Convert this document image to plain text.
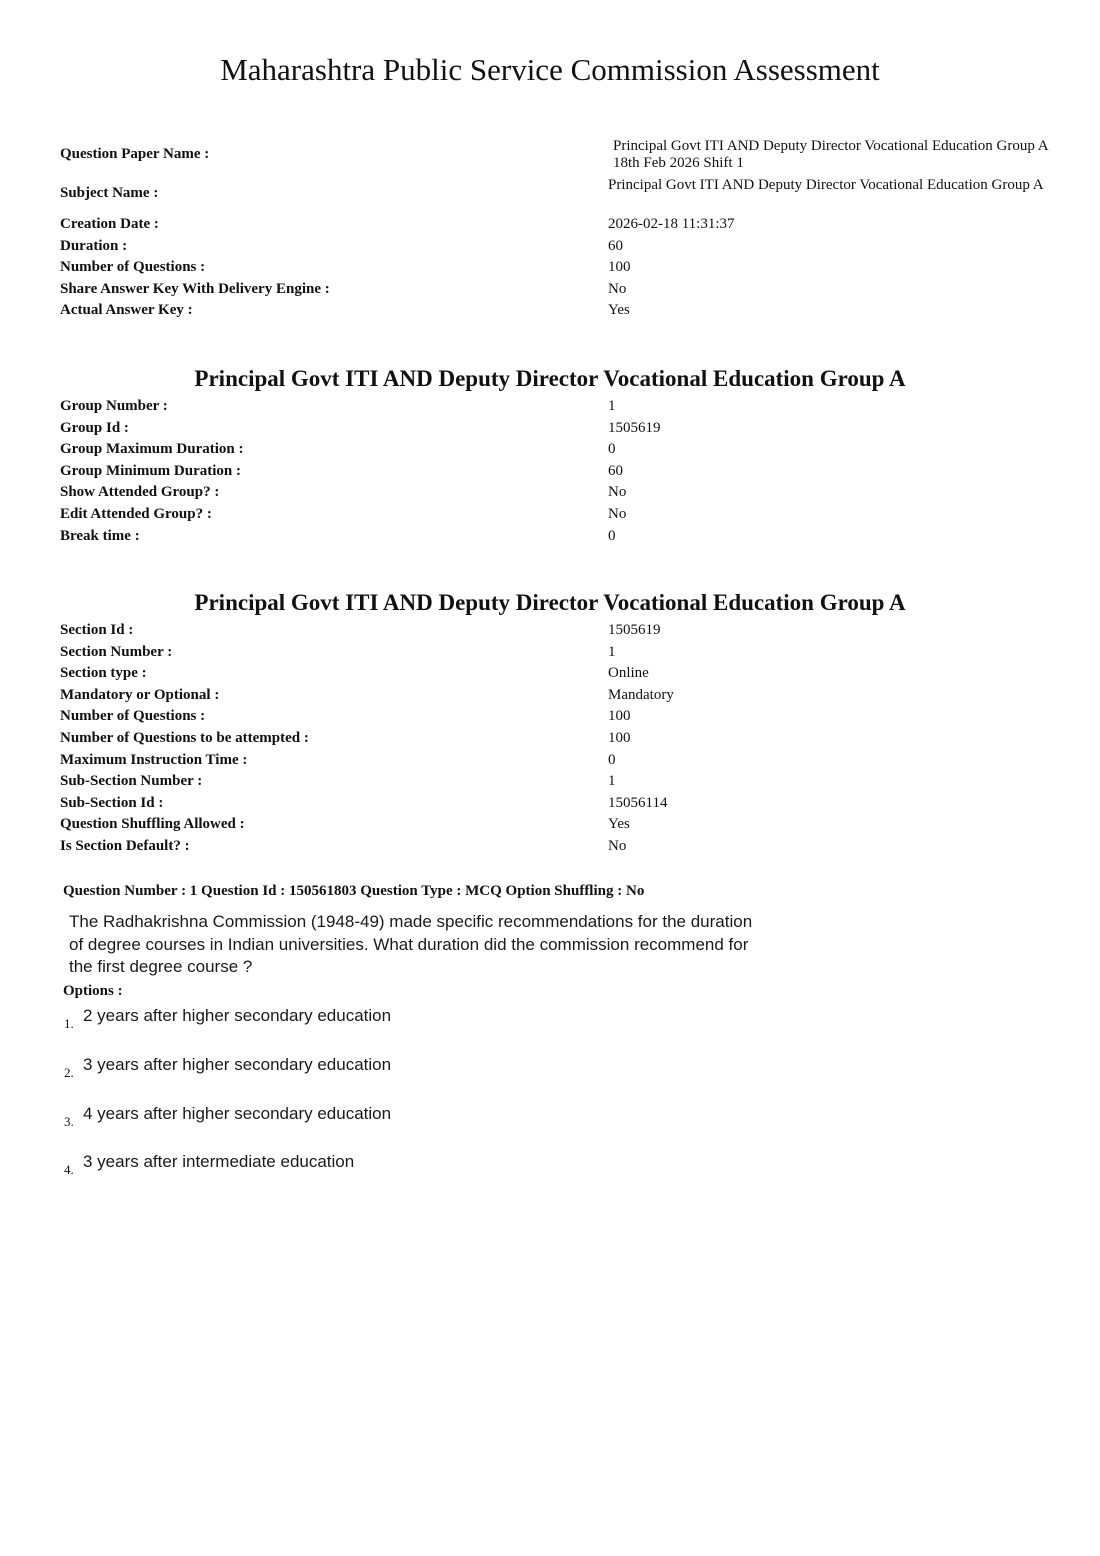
Maharashtra Public Service Commission Assessment
Question Paper Name :	Principal Govt ITI AND Deputy Director Vocational Education Group A 18th Feb 2026 Shift 1
Subject Name :	Principal Govt ITI AND Deputy Director Vocational Education Group A
Creation Date :	2026-02-18 11:31:37
Duration :	60
Number of Questions :	100
Share Answer Key With Delivery Engine :	No
Actual Answer Key :	Yes
Principal Govt ITI AND Deputy Director Vocational Education Group A
Group Number :	1
Group Id :	1505619
Group Maximum Duration :	0
Group Minimum Duration :	60
Show Attended Group? :	No
Edit Attended Group? :	No
Break time :	0
Principal Govt ITI AND Deputy Director Vocational Education Group A
Section Id :	1505619
Section Number :	1
Section type :	Online
Mandatory or Optional :	Mandatory
Number of Questions :	100
Number of Questions to be attempted :	100
Maximum Instruction Time :	0
Sub-Section Number :	1
Sub-Section Id :	15056114
Question Shuffling Allowed :	Yes
Is Section Default? :	No
Question Number : 1 Question Id : 150561803 Question Type : MCQ Option Shuffling : No
The Radhakrishna Commission (1948-49) made specific recommendations for the duration of degree courses in Indian universities. What duration did the commission recommend for the first degree course ?
Options :
1. 2 years after higher secondary education
2. 3 years after higher secondary education
3. 4 years after higher secondary education
4. 3 years after intermediate education
